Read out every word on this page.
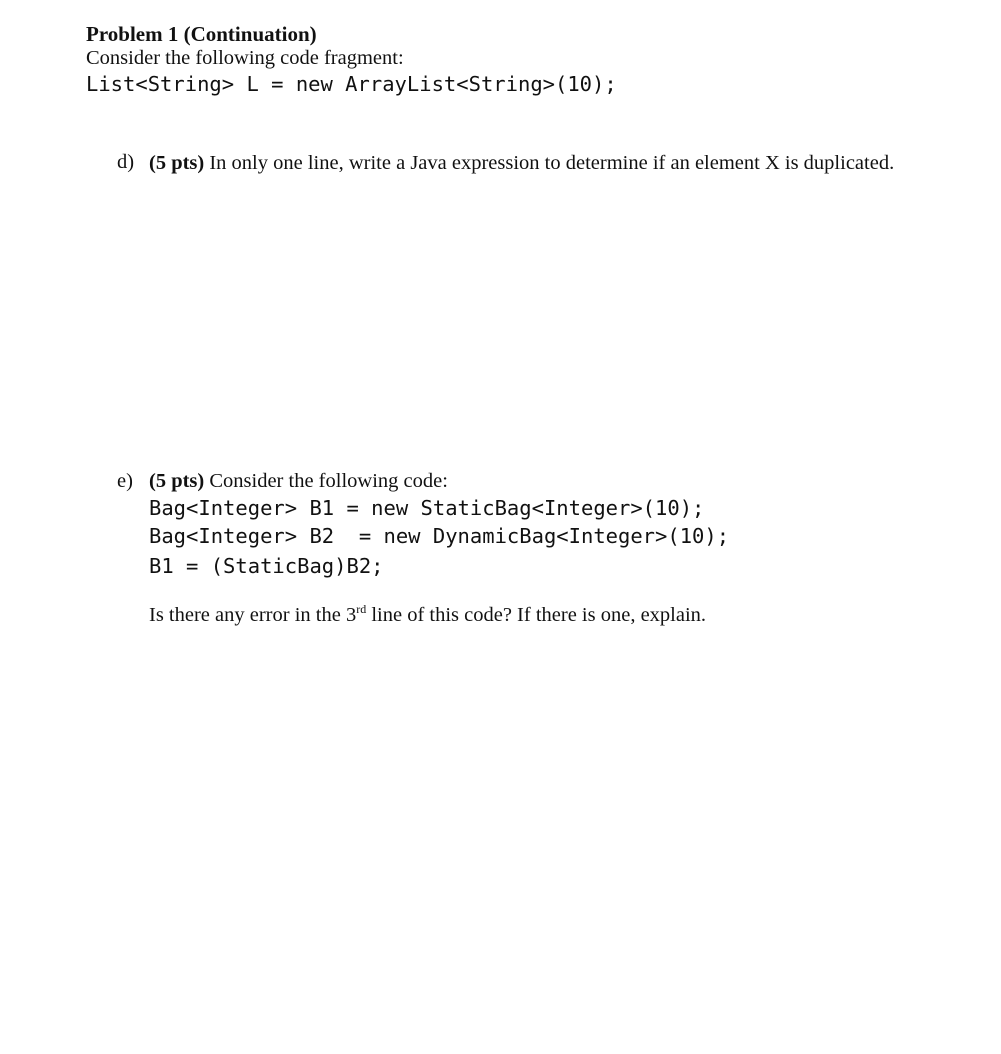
Problem 1 (Continuation)
Consider the following code fragment:
List<String> L = new ArrayList<String>(10);
d) (5 pts) In only one line, write a Java expression to determine if an element X is duplicated.
e) (5 pts) Consider the following code:
Bag<Integer> B1 = new StaticBag<Integer>(10);
Bag<Integer> B2  = new DynamicBag<Integer>(10);
B1 = (StaticBag)B2;
Is there any error in the 3rd line of this code? If there is one, explain.
